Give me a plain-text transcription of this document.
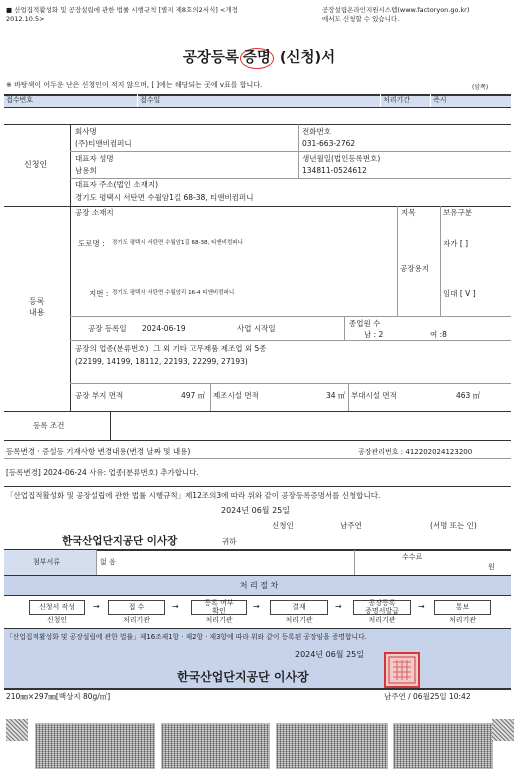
■ 산업집적활성화 및 공장설립에 관한 법률 시행규칙 [별지 제8호의2서식] <개정
2012.10.5>
공장설립온라인지원시스템(www.factoryon.go.kr)
에서도 신청할 수 있습니다.
공장등록 증명 (신청)서
※ 바탕색이 어두운 난은 신청인이 적지 않으며, [ ]에는 해당되는 곳에 v표를 합니다.	(앞쪽)
접수번호	접수일	처리기간	즉시
신청인
회사명
(주)티앤비컴퍼니
전화번호
031-663-2762
대표자 성명
남용희
생년월일(법인등록번호)
134811-0524612
대표자 주소(법인 소재지)
경기도 평택시 서탄면 수월암1길 68-38, 티앤비컴퍼니
등록
내용
공장 소재지
도로명 : 경기도 평택시 서탄면 수월암1길 68-38, 티앤비컴퍼니
지번 : 경기도 평택시 서탄면 수월암리 16-4 티앤비컴퍼니
지목
공장용지
보유구분
자가 [ ]
임대 [ V ]
공장 등록일 2024-06-19	사업 시작일
종업원 수
남 : 2	여 :8
공장의 업종(분류번호) 그 외 기타 고무제품 제조업 외 5종
(22199, 14199, 18112, 22193, 22299, 27193)
공장 부지 면적	497 ㎡ 제조시설 면적	34 ㎡ 부대시설 면적	463 ㎡
등록 조건
등록변경 · 증설등 기재사항 변경내용(변경 날짜 및 내용)	공장관리번호 : 412202024123200
[등록변경] 2024-06-24 사유: 업종(분류번호) 추가합니다.
「산업집적활성화 및 공장설립에 관한 법률 시행규칙」제12조의3에 따라 위와 같이 공장등록증명서를 신청합니다.
2024년 06월 25일
신청인	남주연	(서명 또는 인)
한국산업단지공단 이사장	귀하
첨부서류	없 음
수수료
원
처 리 절 차
신청서 작성	→	접 수	→	등록 여부
확인	→	결재	→	공장등록
증명서발급	→	통보
신청인	처리기관	처리기관	처리기관	처리기관	처리기관
「산업집적활성화 및 공장설립에 관한 법률」제16조제1항 · 제2항 · 제3항에 따라 위와 같이 등록된 공장임을 증명합니다.
2024년 06월 25일
한국산업단지공단 이사장
210㎜×297㎜[백상지 80g/㎡]	남주연 / 06월25일 10:42
